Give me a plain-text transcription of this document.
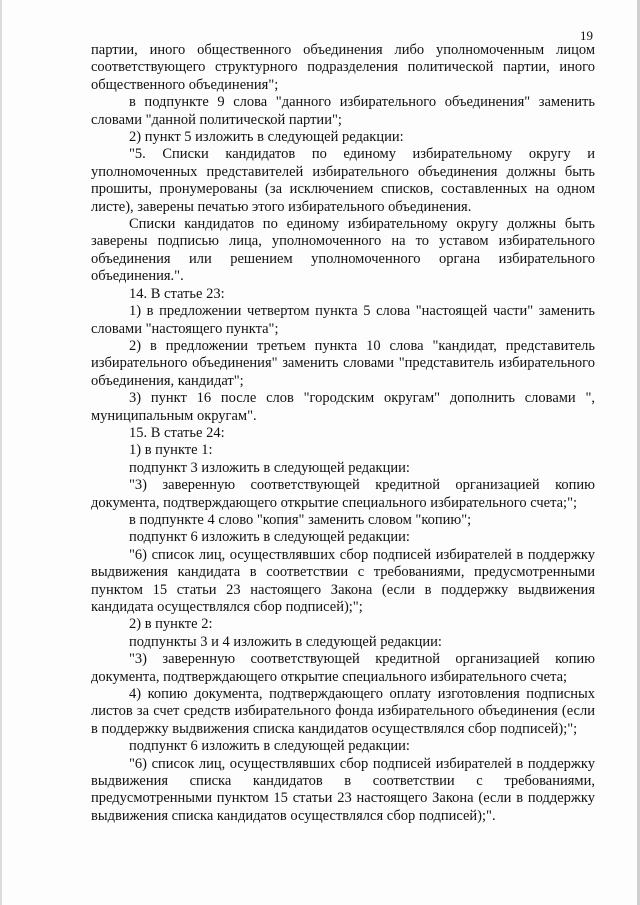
19

партии, иного общественного объединения либо уполномоченным лицом соответствующего структурного подразделения политической партии, иного общественного объединения";

в подпункте 9 слова "данного избирательного объединения" заменить словами "данной политической партии";

2) пункт 5 изложить в следующей редакции:

"5. Списки кандидатов по единому избирательному округу и уполномоченных представителей избирательного объединения должны быть прошиты, пронумерованы (за исключением списков, составленных на одном листе), заверены печатью этого избирательного объединения.

Списки кандидатов по единому избирательному округу должны быть заверены подписью лица, уполномоченного на то уставом избирательного объединения или решением уполномоченного органа избирательного объединения.".

14. В статье 23:

1) в предложении четвертом пункта 5 слова "настоящей части" заменить словами "настоящего пункта";

2) в предложении третьем пункта 10 слова "кандидат, представитель избирательного объединения" заменить словами "представитель избирательного объединения, кандидат";

3) пункт 16 после слов "городским округам" дополнить словами ", муниципальным округам".

15. В статье 24:

1) в пункте 1:

подпункт 3 изложить в следующей редакции:

"3) заверенную соответствующей кредитной организацией копию документа, подтверждающего открытие специального избирательного счета;";

в подпункте 4 слово "копия" заменить словом "копию";

подпункт 6 изложить в следующей редакции:

"6) список лиц, осуществлявших сбор подписей избирателей в поддержку выдвижения кандидата в соответствии с требованиями, предусмотренными пунктом 15 статьи 23 настоящего Закона (если в поддержку выдвижения кандидата осуществлялся сбор подписей);";

2) в пункте 2:

подпункты 3 и 4 изложить в следующей редакции:

"3) заверенную соответствующей кредитной организацией копию документа, подтверждающего открытие специального избирательного счета;

4) копию документа, подтверждающего оплату изготовления подписных листов за счет средств избирательного фонда избирательного объединения (если в поддержку выдвижения списка кандидатов осуществлялся сбор подписей);";

подпункт 6 изложить в следующей редакции:

"6) список лиц, осуществлявших сбор подписей избирателей в поддержку выдвижения списка кандидатов в соответствии с требованиями, предусмотренными пунктом 15 статьи 23 настоящего Закона (если в поддержку выдвижения списка кандидатов осуществлялся сбор подписей);".
